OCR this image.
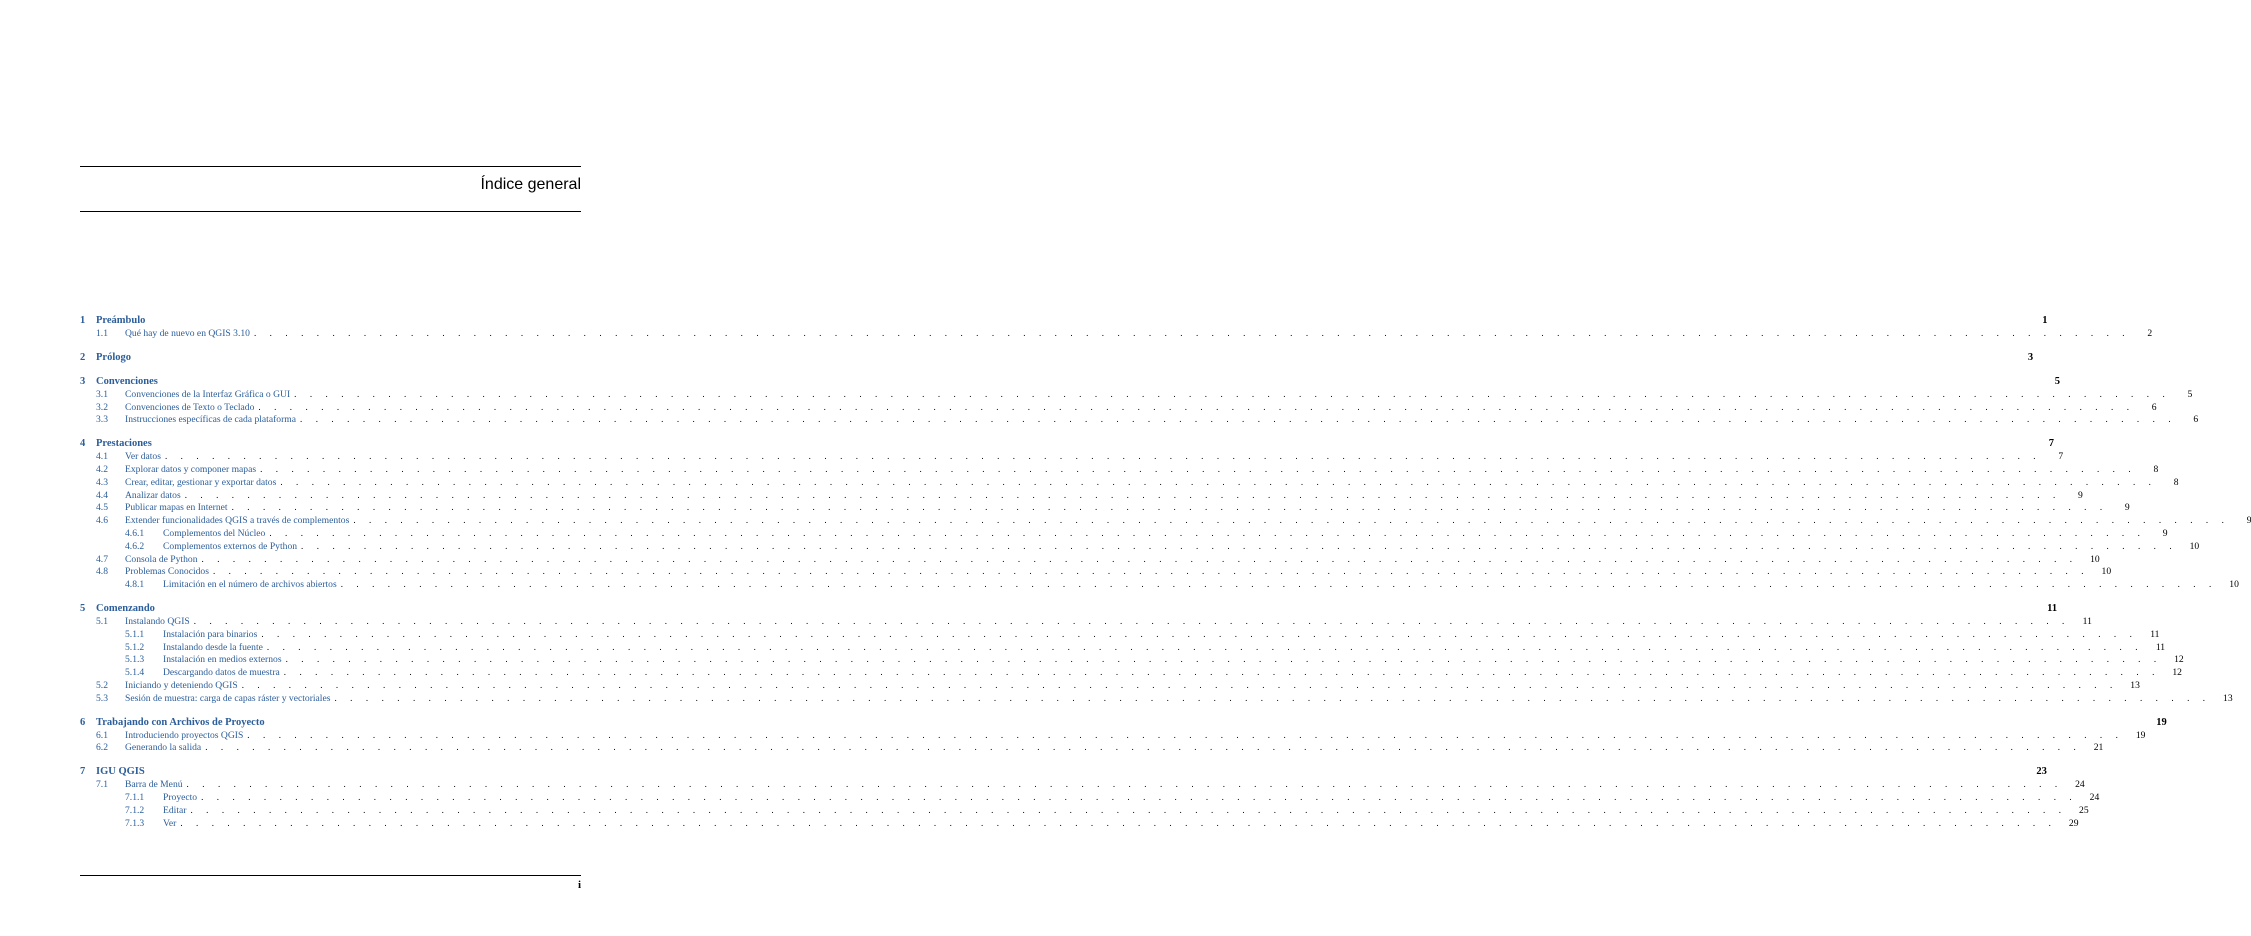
Índice general
1	Preámbulo	1
1.1	Qué hay de nuevo en QGIS 3.10 . . . . . . . . . . . . . . . . . . . . . . . . . . . . . . . . . . . . . . . . . . . . . . . . . . . . . . . . . . . . . . . . . . . . . . . . . . . . . . . . . . . . . . . . . . . . . . . . . . . . . . . . . . . . . . . . . . . . . . . .	2
2	Prólogo	3
3	Convenciones	5
3.1	Convenciones de la Interfaz Gráfica o GUI . . . . . . . . . . . . . . . . . . . . . . . . . . . . . . . . . . . . . . . . . . . . . . . . . . . . . . . . . . . . . . . . . . . . . . . . . . . . . . . . . . . . . . . . . . . . . . . . . . . . . . . . . . . . . . . . . . . . . . . .	5
3.2	Convenciones de Texto o Teclado . . . . . . . . . . . . . . . . . . . . . . . . . . . . . . . . . . . . . . . . . . . . . . . . . . . . . . . . . . . . . . . . . . . . . . . . . . . . . . . . . . . . . . . . . . . . . . . . . . . . . . . . . . . . . . . . . . . . . . . .	6
3.3	Instrucciones específicas de cada plataforma . . . . . . . . . . . . . . . . . . . . . . . . . . . . . . . . . . . . . . . . . . . . . . . . . . . . . . . . . . . . . . . . . . . . . . . . . . . . . . . . . . . . . . . . . . . . . . . . . . . . . . . . . . . . . . . . . . . . . . . .	6
4	Prestaciones	7
4.1	Ver datos . . . . . . . . . . . . . . . . . . . . . . . . . . . . . . . . . . . . . . . . . . . . . . . . . . . . . . . . . . . . . . . . . . . . . . . . . . . . . . . . . . . . . . . . . . . . . . . . . . . . . . . . . . . . . . . . . . . . . . . .	7
4.2	Explorar datos y componer mapas . . . . . . . . . . . . . . . . . . . . . . . . . . . . . . . . . . . . . . . . . . . . . . . . . . . . . . . . . . . . . . . . . . . . . . . . . . . . . . . . . . . . . . . . . . . . . . . . . . . . . . . . . . . . . . . . . . . . . . . .	8
4.3	Crear, editar, gestionar y exportar datos . . . . . . . . . . . . . . . . . . . . . . . . . . . . . . . . . . . . . . . . . . . . . . . . . . . . . . . . . . . . . . . . . . . . . . . . . . . . . . . . . . . . . . . . . . . . . . . . . . . . . . . . . . . . . . . . . . . . . . . .	8
4.4	Analizar datos . . . . . . . . . . . . . . . . . . . . . . . . . . . . . . . . . . . . . . . . . . . . . . . . . . . . . . . . . . . . . . . . . . . . . . . . . . . . . . . . . . . . . . . . . . . . . . . . . . . . . . . . . . . . . . . . . . . . . . . .	9
4.5	Publicar mapas en Internet . . . . . . . . . . . . . . . . . . . . . . . . . . . . . . . . . . . . . . . . . . . . . . . . . . . . . . . . . . . . . . . . . . . . . . . . . . . . . . . . . . . . . . . . . . . . . . . . . . . . . . . . . . . . . . . . . . . . . . . .	9
4.6	Extender funcionalidades QGIS a través de complementos . . . . . . . . . . . . . . . . . . . . . . . . . . . . . . . . . . . . . . . . . . . . . . . . . . . . . . . . . . . . . . . . . . . . . . . . . . . . . . . . . . . . . . . . . . . . . . . . . . . . . . . . . . . . . . . . . . . . . . . .	9
4.6.1	Complementos del Núcleo . . . . . . . . . . . . . . . . . . . . . . . . . . . . . . . . . . . . . . . . . . . . . . . . . . . . . . . . . . . . . . . . . . . . . . . . . . . . . . . . . . . . . . . . . . . . . . . . . . . . . . . . . . . . . . . . . . . . . . . .	9
4.6.2	Complementos externos de Python . . . . . . . . . . . . . . . . . . . . . . . . . . . . . . . . . . . . . . . . . . . . . . . . . . . . . . . . . . . . . . . . . . . . . . . . . . . . . . . . . . . . . . . . . . . . . . . . . . . . . . . . . . . . . . . . . . . . . . . .	10
4.7	Consola de Python . . . . . . . . . . . . . . . . . . . . . . . . . . . . . . . . . . . . . . . . . . . . . . . . . . . . . . . . . . . . . . . . . . . . . . . . . . . . . . . . . . . . . . . . . . . . . . . . . . . . . . . . . . . . . . . . . . . . . . . .	10
4.8	Problemas Conocidos . . . . . . . . . . . . . . . . . . . . . . . . . . . . . . . . . . . . . . . . . . . . . . . . . . . . . . . . . . . . . . . . . . . . . . . . . . . . . . . . . . . . . . . . . . . . . . . . . . . . . . . . . . . . . . . . . . . . . . . .	10
4.8.1	Limitación en el número de archivos abiertos . . . . . . . . . . . . . . . . . . . . . . . . . . . . . . . . . . . . . . . . . . . . . . . . . . . . . . . . . . . . . . . . . . . . . . . . . . . . . . . . . . . . . . . . . . . . . . . . . . . . . . . . . . . . . . . . . . . . . . . .	10
5	Comenzando	11
5.1	Instalando QGIS . . . . . . . . . . . . . . . . . . . . . . . . . . . . . . . . . . . . . . . . . . . . . . . . . . . . . . . . . . . . . . . . . . . . . . . . . . . . . . . . . . . . . . . . . . . . . . . . . . . . . . . . . . . . . . . . . . . . . . . .	11
5.1.1	Instalación para binarios . . . . . . . . . . . . . . . . . . . . . . . . . . . . . . . . . . . . . . . . . . . . . . . . . . . . . . . . . . . . . . . . . . . . . . . . . . . . . . . . . . . . . . . . . . . . . . . . . . . . . . . . . . . . . . . . . . . . . . . .	11
5.1.2	Instalando desde la fuente . . . . . . . . . . . . . . . . . . . . . . . . . . . . . . . . . . . . . . . . . . . . . . . . . . . . . . . . . . . . . . . . . . . . . . . . . . . . . . . . . . . . . . . . . . . . . . . . . . . . . . . . . . . . . . . . . . . . . . . .	11
5.1.3	Instalación en medios externos . . . . . . . . . . . . . . . . . . . . . . . . . . . . . . . . . . . . . . . . . . . . . . . . . . . . . . . . . . . . . . . . . . . . . . . . . . . . . . . . . . . . . . . . . . . . . . . . . . . . . . . . . . . . . . . . . . . . . . . .	12
5.1.4	Descargando datos de muestra . . . . . . . . . . . . . . . . . . . . . . . . . . . . . . . . . . . . . . . . . . . . . . . . . . . . . . . . . . . . . . . . . . . . . . . . . . . . . . . . . . . . . . . . . . . . . . . . . . . . . . . . . . . . . . . . . . . . . . . .	12
5.2	Iniciando y deteniendo QGIS . . . . . . . . . . . . . . . . . . . . . . . . . . . . . . . . . . . . . . . . . . . . . . . . . . . . . . . . . . . . . . . . . . . . . . . . . . . . . . . . . . . . . . . . . . . . . . . . . . . . . . . . . . . . . . . . . . . . . . . .	13
5.3	Sesión de muestra: carga de capas ráster y vectoriales . . . . . . . . . . . . . . . . . . . . . . . . . . . . . . . . . . . . . . . . . . . . . . . . . . . . . . . . . . . . . . . . . . . . . . . . . . . . . . . . . . . . . . . . . . . . . . . . . . . . . . . . . . . . . . . . . . . . . . . .	13
6	Trabajando con Archivos de Proyecto	19
6.1	Introduciendo proyectos QGIS . . . . . . . . . . . . . . . . . . . . . . . . . . . . . . . . . . . . . . . . . . . . . . . . . . . . . . . . . . . . . . . . . . . . . . . . . . . . . . . . . . . . . . . . . . . . . . . . . . . . . . . . . . . . . . . . . . . . . . . .	19
6.2	Generando la salida . . . . . . . . . . . . . . . . . . . . . . . . . . . . . . . . . . . . . . . . . . . . . . . . . . . . . . . . . . . . . . . . . . . . . . . . . . . . . . . . . . . . . . . . . . . . . . . . . . . . . . . . . . . . . . . . . . . . . . . .	21
7	IGU QGIS	23
7.1	Barra de Menú . . . . . . . . . . . . . . . . . . . . . . . . . . . . . . . . . . . . . . . . . . . . . . . . . . . . . . . . . . . . . . . . . . . . . . . . . . . . . . . . . . . . . . . . . . . . . . . . . . . . . . . . . . . . . . . . . . . . . . . .	24
7.1.1	Proyecto . . . . . . . . . . . . . . . . . . . . . . . . . . . . . . . . . . . . . . . . . . . . . . . . . . . . . . . . . . . . . . . . . . . . . . . . . . . . . . . . . . . . . . . . . . . . . . . . . . . . . . . . . . . . . . . . . . . . . . . .	24
7.1.2	Editar . . . . . . . . . . . . . . . . . . . . . . . . . . . . . . . . . . . . . . . . . . . . . . . . . . . . . . . . . . . . . . . . . . . . . . . . . . . . . . . . . . . . . . . . . . . . . . . . . . . . . . . . . . . . . . . . . . . . . . . .	25
7.1.3	Ver . . . . . . . . . . . . . . . . . . . . . . . . . . . . . . . . . . . . . . . . . . . . . . . . . . . . . . . . . . . . . . . . . . . . . . . . . . . . . . . . . . . . . . . . . . . . . . . . . . . . . . . . . . . . . . . . . . . . . . . .	29

i
